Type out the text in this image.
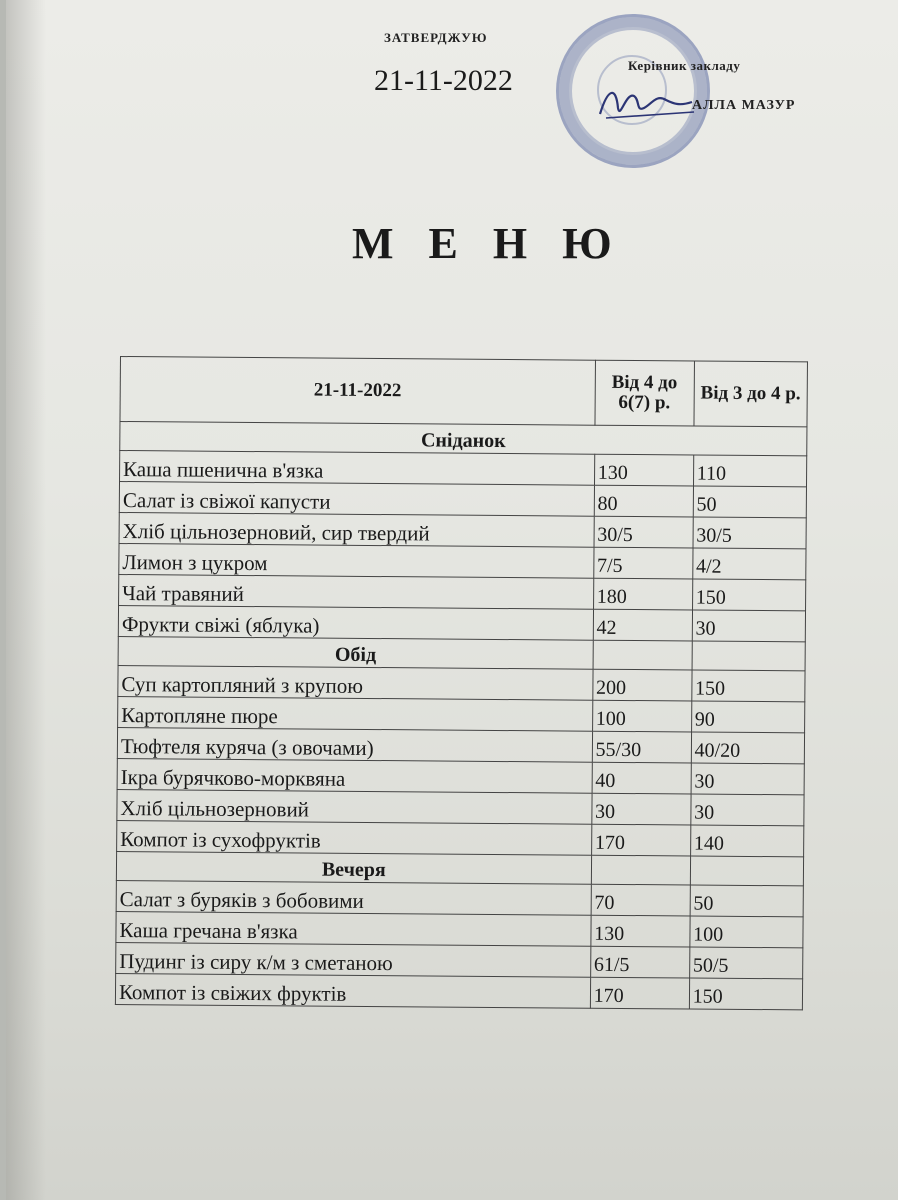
ЗАТВЕРДЖУЮ
21-11-2022	Керівник закладу
АЛЛА МАЗУР
М Е Н Ю
21-11-2022	Від 4 до 6(7) р.	Від 3 до 4 р.
Сніданок		
Каша пшенична в'язка	130	110
Салат із свіжої капусти	80	50
Хліб цільнозерновий, сир твердий	30/5	30/5
Лимон з цукром	7/5	4/2
Чай травяний	180	150
Фрукти свіжі (яблука)	42	30
Обід		
Суп картопляний з крупою	200	150
Картопляне пюре	100	90
Тюфтеля куряча (з овочами)	55/30	40/20
Ікра бурячково-морквяна	40	30
Хліб цільнозерновий	30	30
Компот із сухофруктів	170	140
Вечеря		
Салат з буряків з бобовими	70	50
Каша гречана в'язка	130	100
Пудинг із сиру к/м з сметаною	61/5	50/5
Компот із свіжих фруктів	170	150
